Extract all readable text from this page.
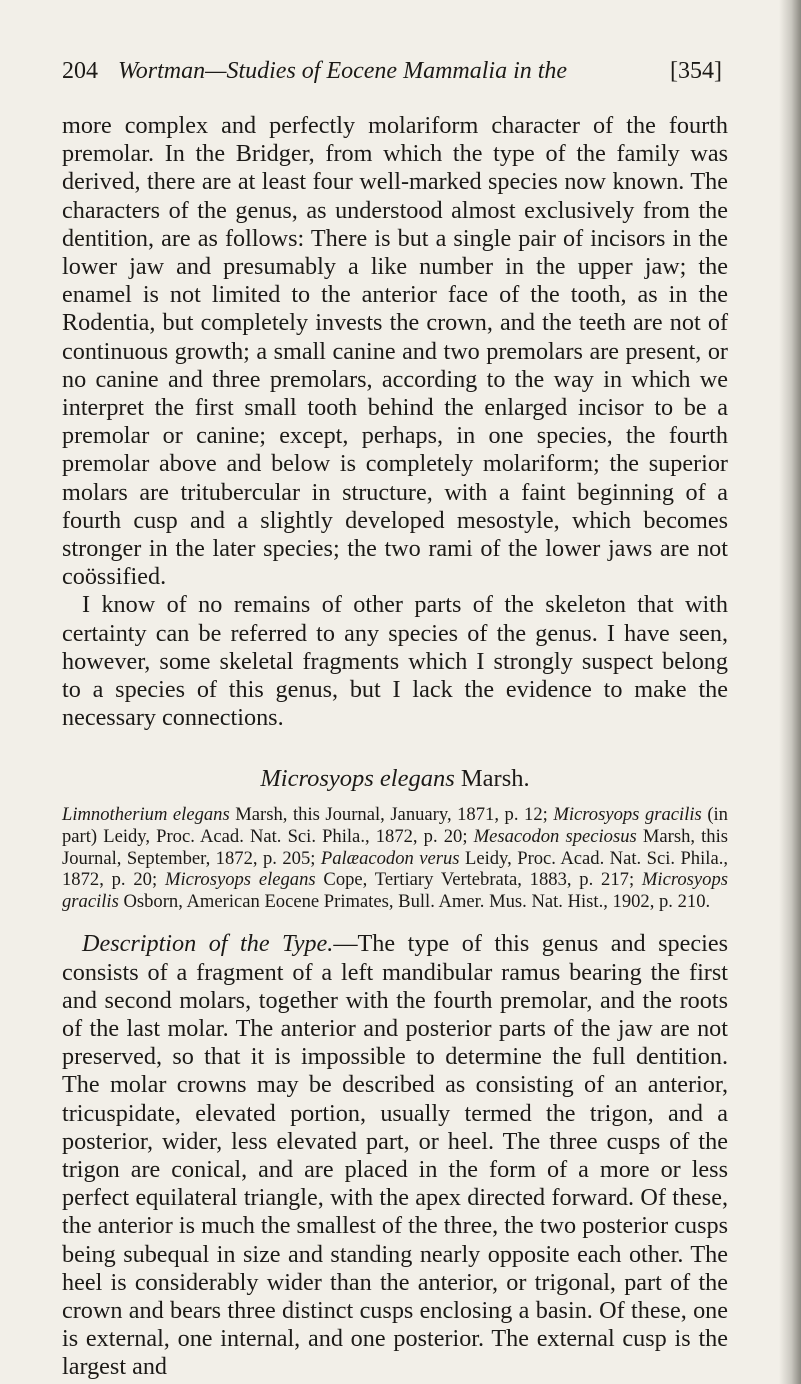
204 Wortman—Studies of Eocene Mammalia in the	[354]

more complex and perfectly molariform character of the fourth premolar. In the Bridger, from which the type of the family was derived, there are at least four well-marked species now known. The characters of the genus, as understood almost exclusively from the dentition, are as follows: There is but a single pair of incisors in the lower jaw and presumably a like number in the upper jaw; the enamel is not limited to the anterior face of the tooth, as in the Rodentia, but completely invests the crown, and the teeth are not of continuous growth; a small canine and two premolars are present, or no canine and three premolars, according to the way in which we interpret the first small tooth behind the enlarged incisor to be a premolar or canine; except, perhaps, in one species, the fourth premolar above and below is completely molariform; the superior molars are tritubercular in structure, with a faint beginning of a fourth cusp and a slightly developed mesostyle, which becomes stronger in the later species; the two rami of the lower jaws are not coössified.

I know of no remains of other parts of the skeleton that with certainty can be referred to any species of the genus. I have seen, however, some skeletal fragments which I strongly suspect belong to a species of this genus, but I lack the evidence to make the necessary connections.

Microsyops elegans Marsh.

Limnotherium elegans Marsh, this Journal, January, 1871, p. 12; Microsyops gracilis (in part) Leidy, Proc. Acad. Nat. Sci. Phila., 1872, p. 20; Mesacodon speciosus Marsh, this Journal, September, 1872, p. 205; Palæacodon verus Leidy, Proc. Acad. Nat. Sci. Phila., 1872, p. 20; Microsyops elegans Cope, Tertiary Vertebrata, 1883, p. 217; Microsyops gracilis Osborn, American Eocene Primates, Bull. Amer. Mus. Nat. Hist., 1902, p. 210.

Description of the Type.—The type of this genus and species consists of a fragment of a left mandibular ramus bearing the first and second molars, together with the fourth premolar, and the roots of the last molar. The anterior and posterior parts of the jaw are not preserved, so that it is impossible to determine the full dentition. The molar crowns may be described as consisting of an anterior, tricuspidate, elevated portion, usually termed the trigon, and a posterior, wider, less elevated part, or heel. The three cusps of the trigon are conical, and are placed in the form of a more or less perfect equilateral triangle, with the apex directed forward. Of these, the anterior is much the smallest of the three, the two posterior cusps being subequal in size and standing nearly opposite each other. The heel is considerably wider than the anterior, or trigonal, part of the crown and bears three distinct cusps enclosing a basin. Of these, one is external, one internal, and one posterior. The external cusp is the largest and
